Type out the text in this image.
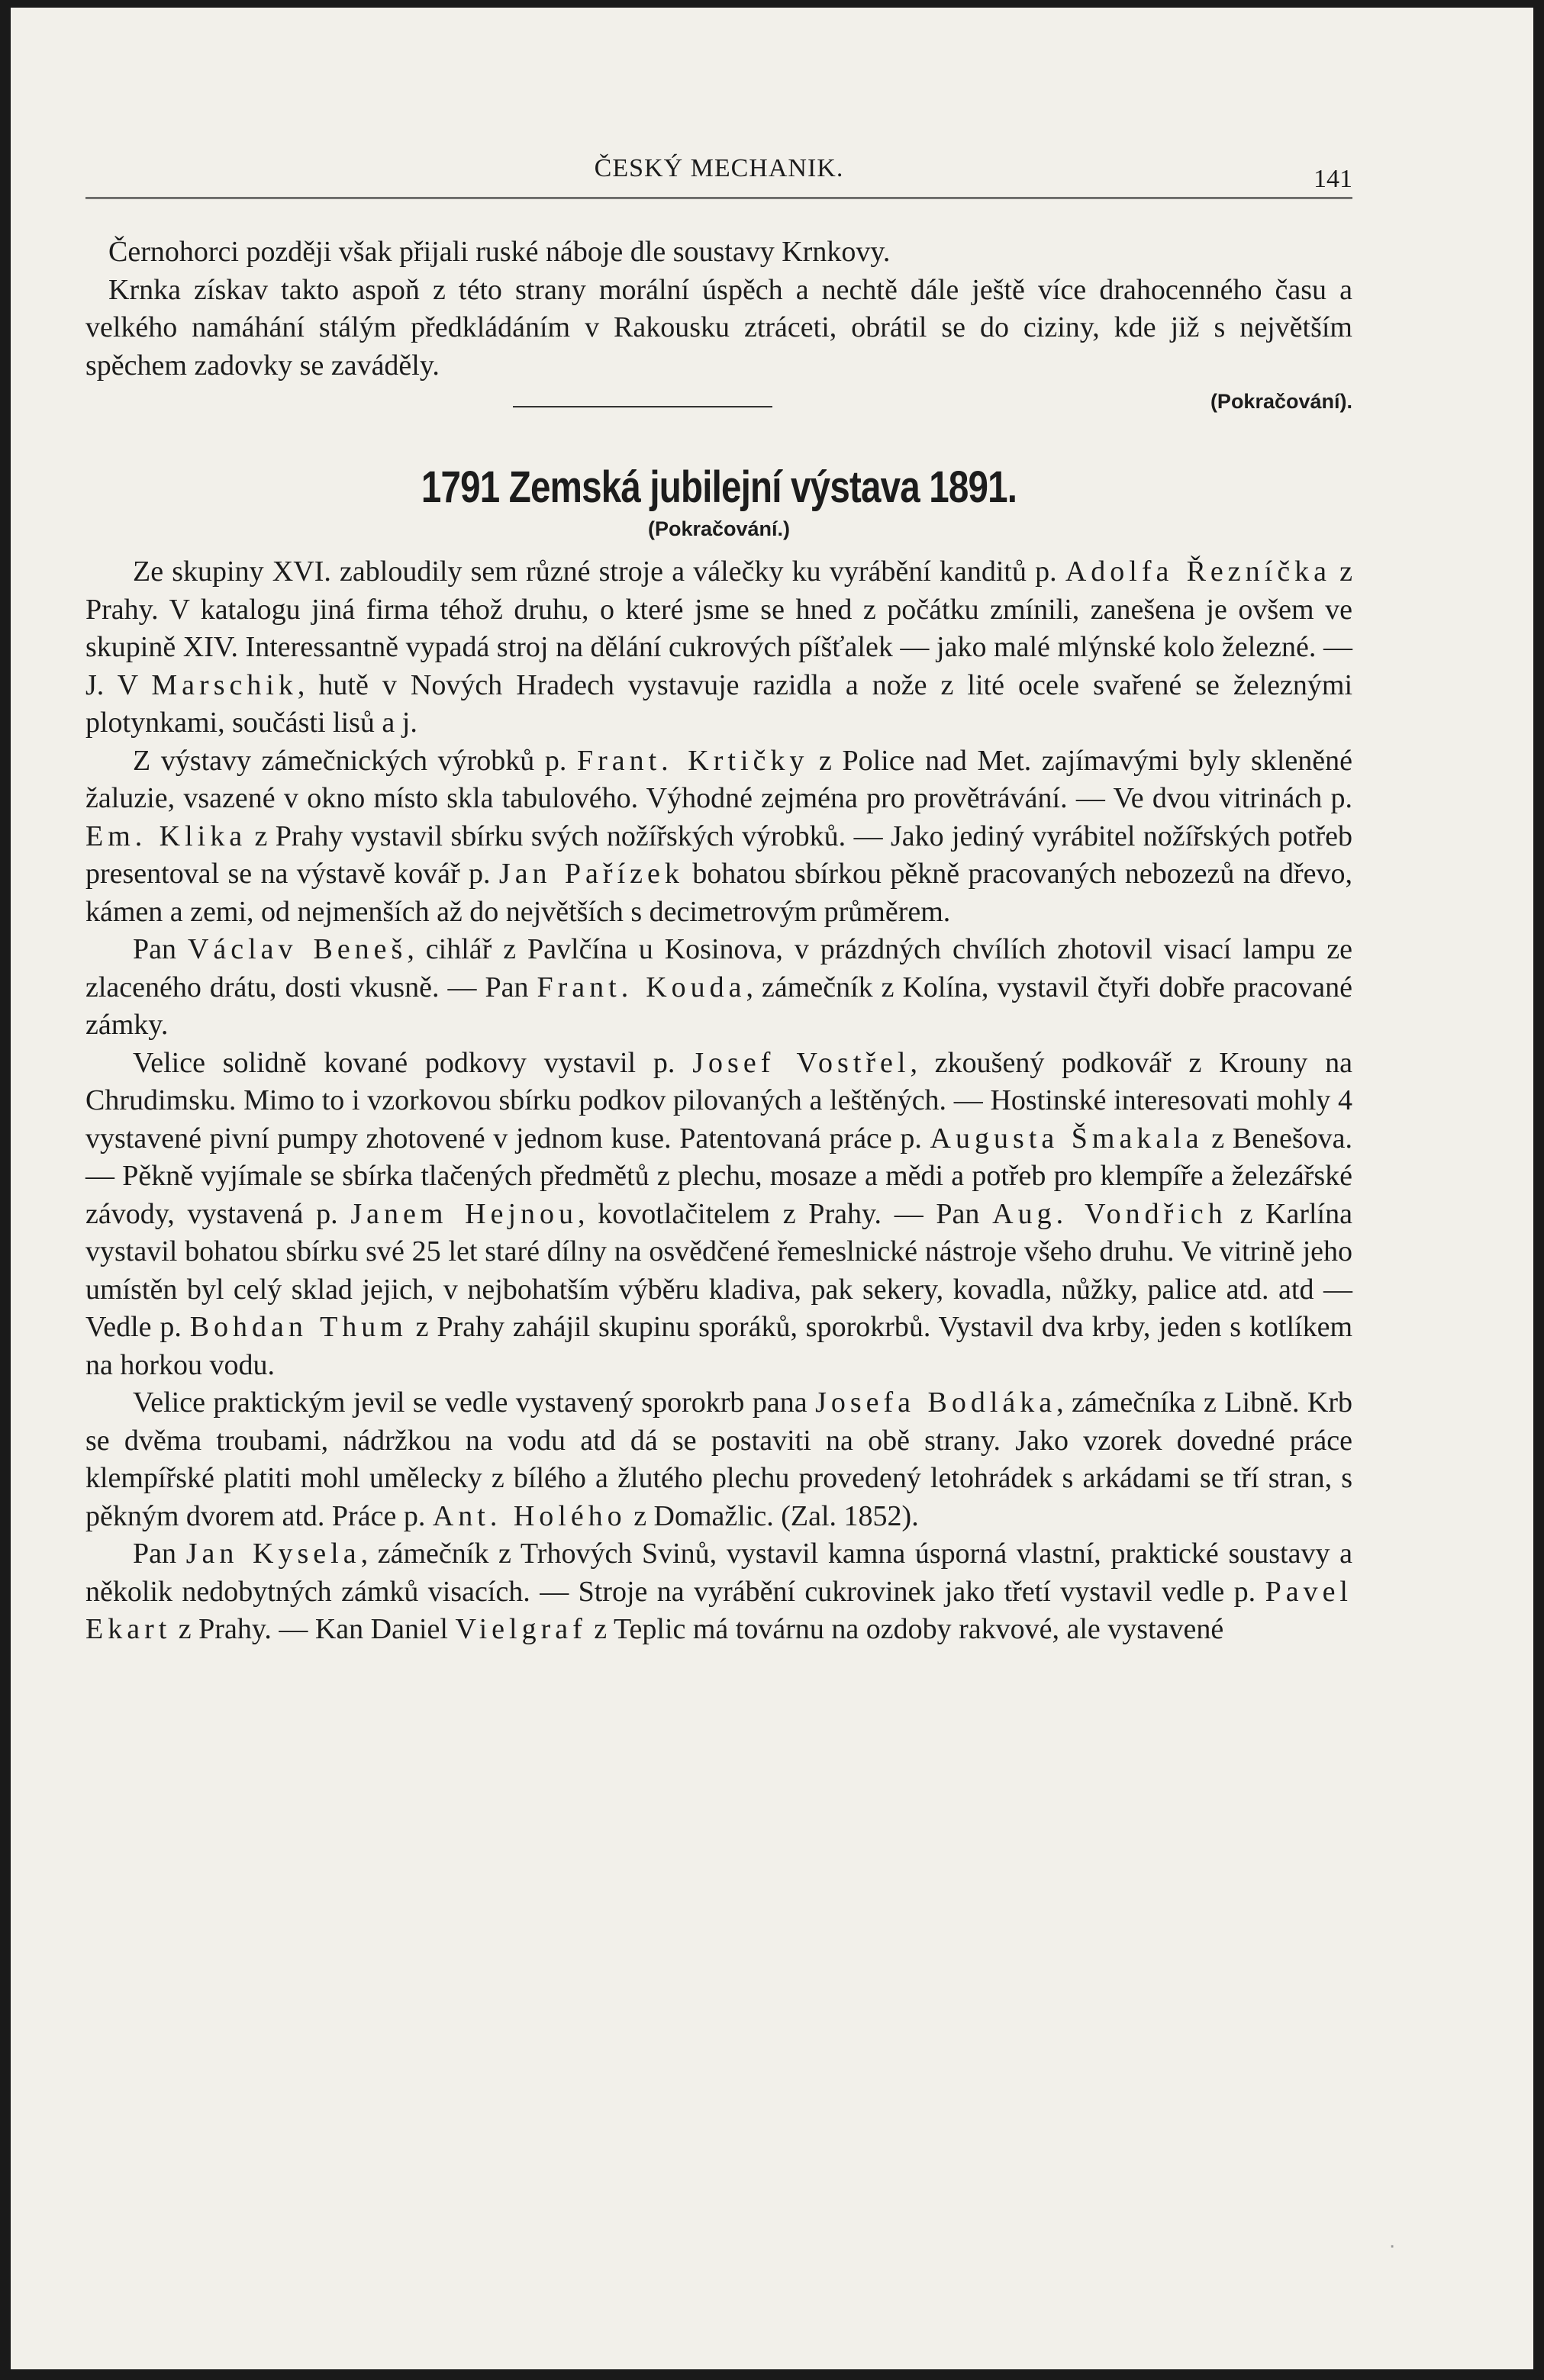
ČESKÝ MECHANIK.	141

Černohorci později však přijali ruské náboje dle soustavy Krnkovy.

Krnka získav takto aspoň z této strany morální úspěch a nechtě dále ještě více drahocenného času a velkého namáhání stálým předkládáním v Rakousku ztráceti, obrátil se do ciziny, kde již s největším spěchem zadovky se zaváděly.

(Pokračování).
1791 Zemská jubilejní výstava 1891.
(Pokračování.)

Ze skupiny XVI. zabloudily sem různé stroje a válečky ku vyrábění kanditů p. Adolfa Řezníčka z Prahy. V katalogu jiná firma téhož druhu, o které jsme se hned z počátku zmínili, zanešena je ovšem ve skupině XIV. Interessantně vypadá stroj na dělání cukrových píšťalek — jako malé mlýnské kolo železné. — J. V Marschik, hutě v Nových Hradech vystavuje razidla a nože z lité ocele svařené se železnými plotynkami, součásti lisů a j.

Z výstavy zámečnických výrobků p. Frant. Krtičky z Police nad Met. zajímavými byly skleněné žaluzie, vsazené v okno místo skla tabulového. Výhodné zejména pro provětrávání. — Ve dvou vitrinách p. Em. Klika z Prahy vystavil sbírku svých nožířských výrobků. — Jako jediný vyrábitel nožířských potřeb presentoval se na výstavě kovář p. Jan Pařízek bohatou sbírkou pěkně pracovaných nebozezů na dřevo, kámen a zemi, od nejmenších až do největších s decimetrovým průměrem.

Pan Václav Beneš, cihlář z Pavlčína u Kosinova, v prázdných chvílích zhotovil visací lampu ze zlaceného drátu, dosti vkusně. — Pan Frant. Kouda, zámečník z Kolína, vystavil čtyři dobře pracované zámky.

Velice solidně kované podkovy vystavil p. Josef Vostřel, zkoušený podkovář z Krouny na Chrudimsku. Mimo to i vzorkovou sbírku podkov pilovaných a leštěných. — Hostinské interesovati mohly 4 vystavené pivní pumpy zhotovené v jednom kuse. Patentovaná práce p. Augusta Šmakala z Benešova. — Pěkně vyjímale se sbírka tlačených předmětů z plechu, mosaze a mědi a potřeb pro klempíře a železářské závody, vystavená p. Janem Hejnou, kovotlačitelem z Prahy. — Pan Aug. Vondřich z Karlína vystavil bohatou sbírku své 25 let staré dílny na osvědčené řemeslnické nástroje všeho druhu. Ve vitrině jeho umístěn byl celý sklad jejich, v nejbohatším výběru kladiva, pak sekery, kovadla, nůžky, palice atd. atd — Vedle p. Bohdan Thum z Prahy zahájil skupinu sporáků, sporokrbů. Vystavil dva krby, jeden s kotlíkem na horkou vodu.

Velice praktickým jevil se vedle vystavený sporokrb pana Josefa Bodláka, zámečníka z Libně. Krb se dvěma troubami, nádržkou na vodu atd dá se postaviti na obě strany. Jako vzorek dovedné práce klempířské platiti mohl umělecky z bílého a žlutého plechu provedený letohrádek s arkádami se tří stran, s pěkným dvorem atd. Práce p. Ant. Holého z Domažlic. (Zal. 1852).

Pan Jan Kysela, zámečník z Trhových Svinů, vystavil kamna úsporná vlastní, praktické soustavy a několik nedobytných zámků visacích. — Stroje na vyrábění cukrovinek jako třetí vystavil vedle p. Pavel Ekart z Prahy. — Kan Daniel Vielgraf z Teplic má továrnu na ozdoby rakvové, ale vystavené

·
